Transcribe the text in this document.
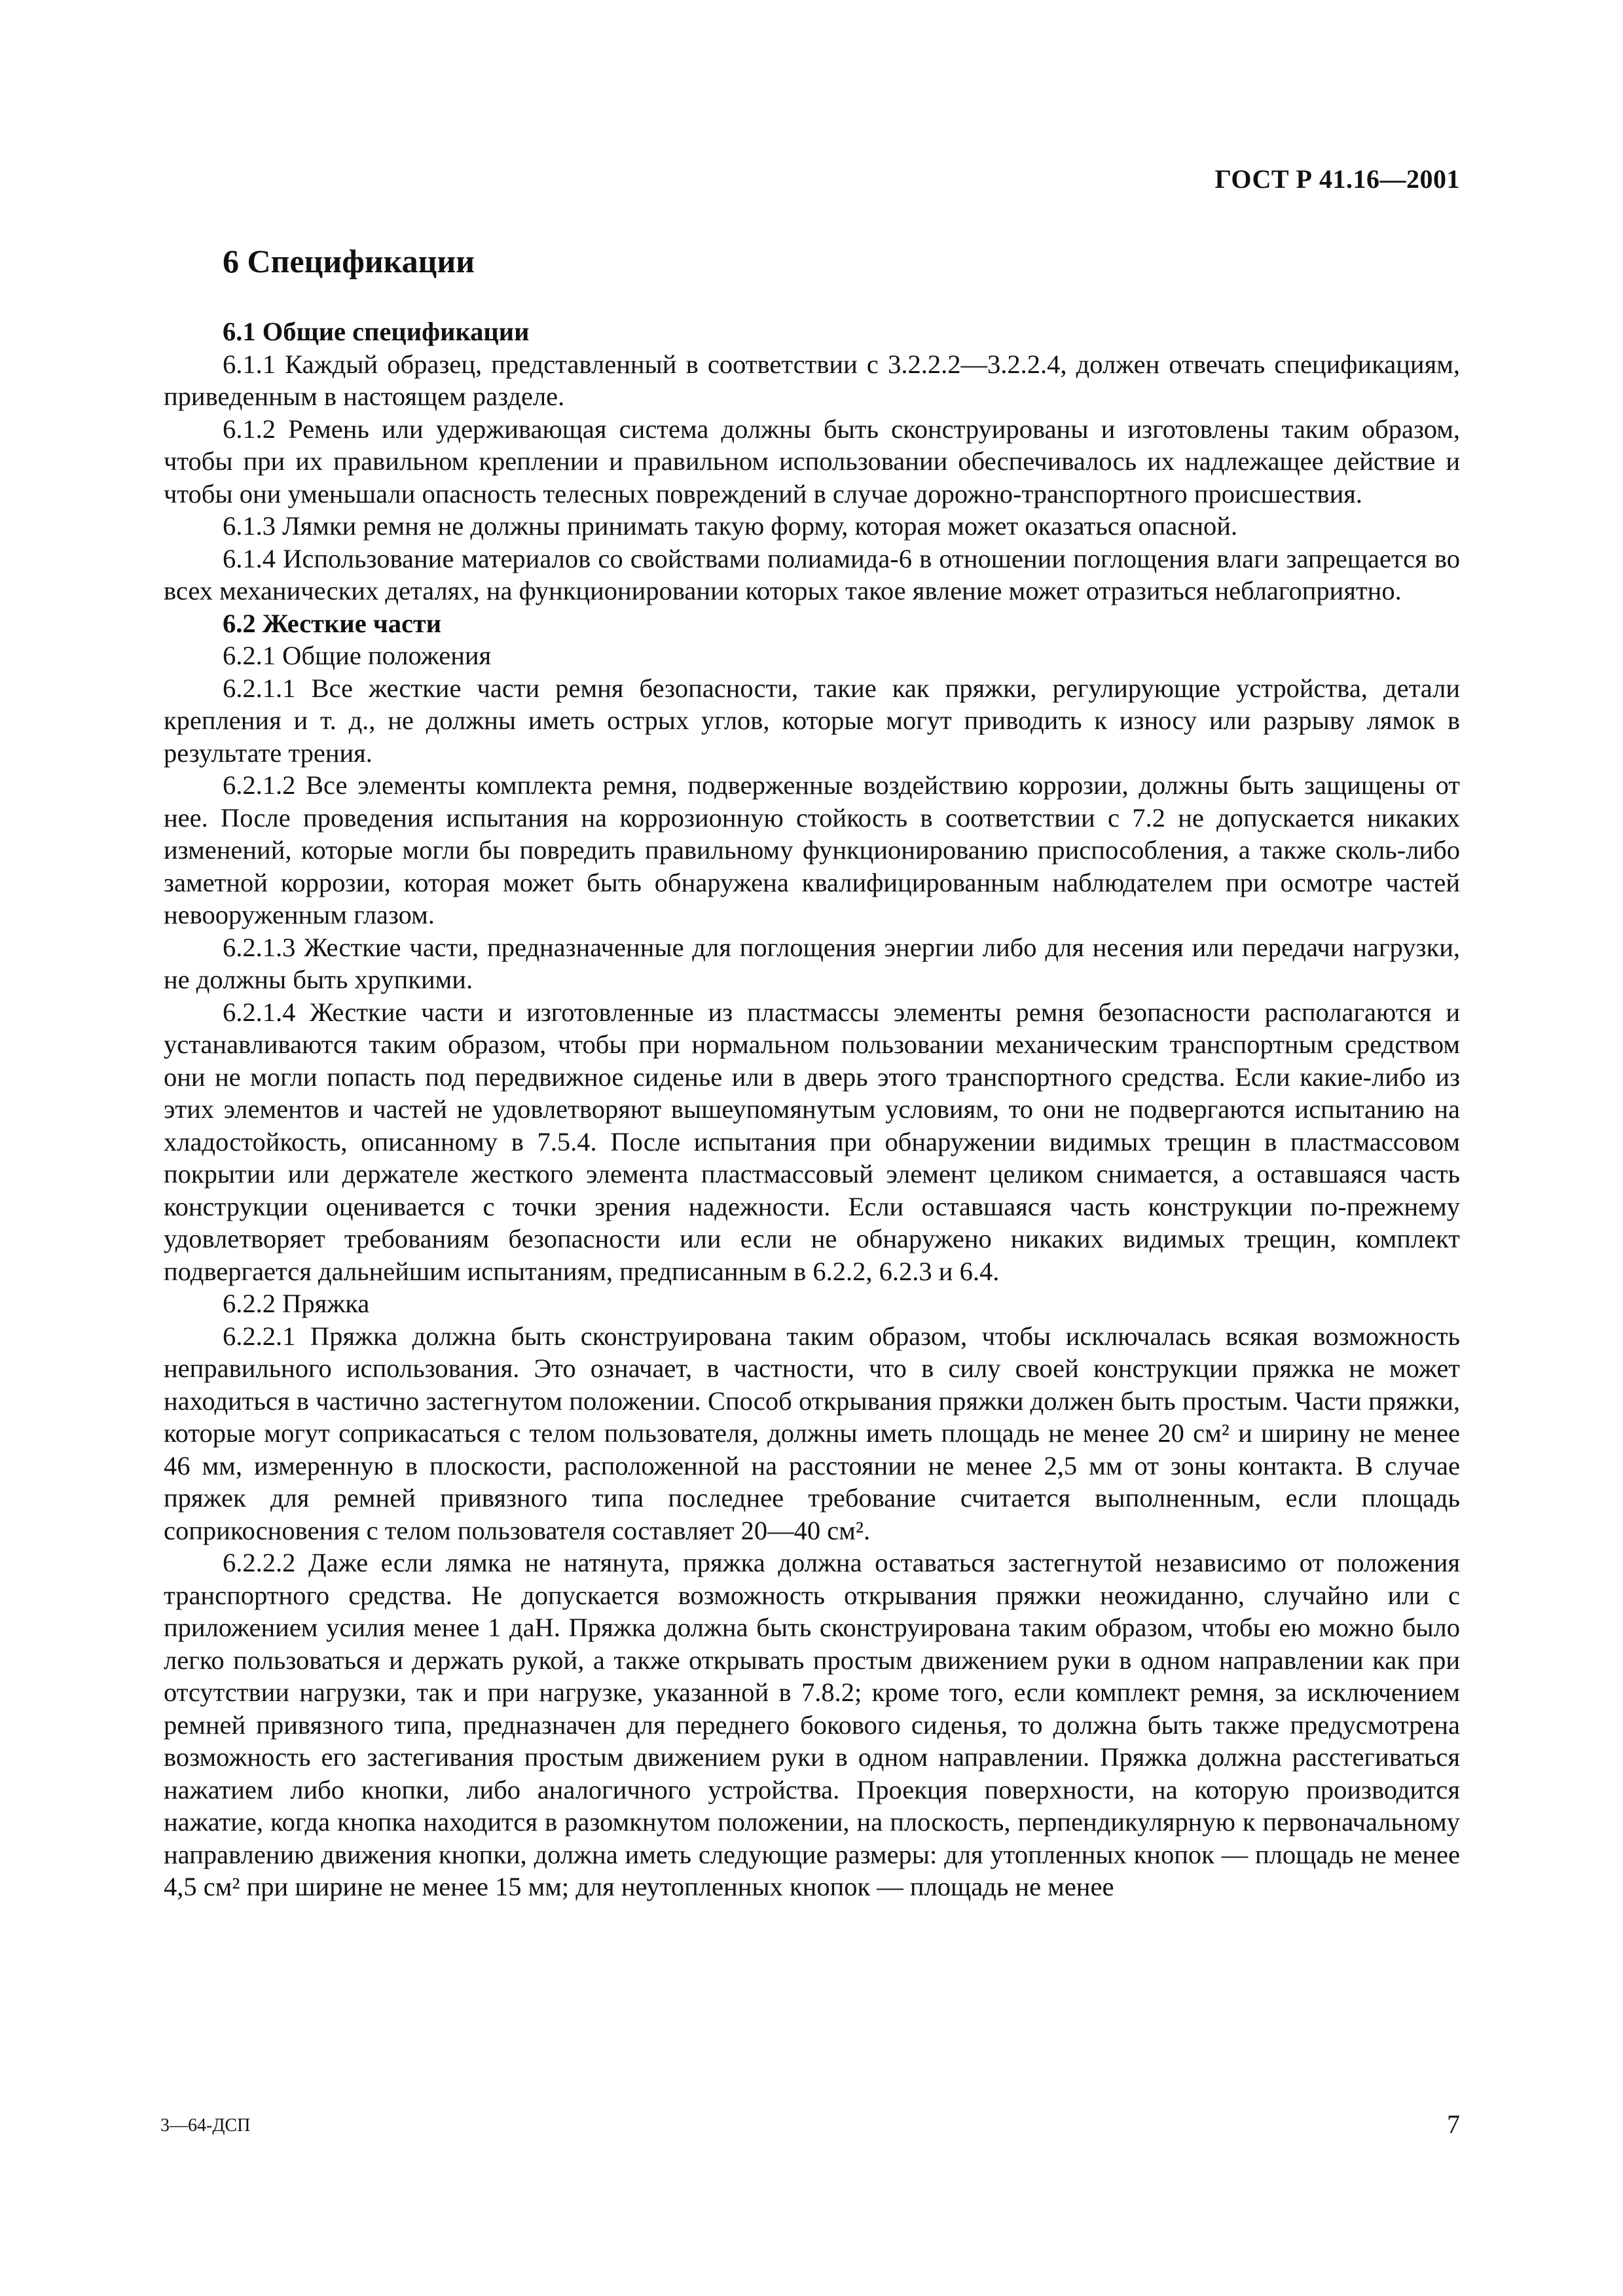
ГОСТ Р 41.16—2001
6 Спецификации

6.1 Общие спецификации

6.1.1 Каждый образец, представленный в соответствии с 3.2.2.2—3.2.2.4, должен отвечать спецификациям, приведенным в настоящем разделе.

6.1.2 Ремень или удерживающая система должны быть сконструированы и изготовлены таким образом, чтобы при их правильном креплении и правильном использовании обеспечивалось их надлежащее действие и чтобы они уменьшали опасность телесных повреждений в случае дорожно-транспортного происшествия.

6.1.3 Лямки ремня не должны принимать такую форму, которая может оказаться опасной.

6.1.4 Использование материалов со свойствами полиамида-6 в отношении поглощения влаги запрещается во всех механических деталях, на функционировании которых такое явление может отразиться неблагоприятно.

6.2 Жесткие части

6.2.1 Общие положения

6.2.1.1 Все жесткие части ремня безопасности, такие как пряжки, регулирующие устройства, детали крепления и т. д., не должны иметь острых углов, которые могут приводить к износу или разрыву лямок в результате трения.

6.2.1.2 Все элементы комплекта ремня, подверженные воздействию коррозии, должны быть защищены от нее. После проведения испытания на коррозионную стойкость в соответствии с 7.2 не допускается никаких изменений, которые могли бы повредить правильному функционированию приспособления, а также сколь-либо заметной коррозии, которая может быть обнаружена квалифицированным наблюдателем при осмотре частей невооруженным глазом.

6.2.1.3 Жесткие части, предназначенные для поглощения энергии либо для несения или передачи нагрузки, не должны быть хрупкими.

6.2.1.4 Жесткие части и изготовленные из пластмассы элементы ремня безопасности располагаются и устанавливаются таким образом, чтобы при нормальном пользовании механическим транспортным средством они не могли попасть под передвижное сиденье или в дверь этого транспортного средства. Если какие-либо из этих элементов и частей не удовлетворяют вышеупомянутым условиям, то они не подвергаются испытанию на хладостойкость, описанному в 7.5.4. После испытания при обнаружении видимых трещин в пластмассовом покрытии или держателе жесткого элемента пластмассовый элемент целиком снимается, а оставшаяся часть конструкции оценивается с точки зрения надежности. Если оставшаяся часть конструкции по-прежнему удовлетворяет требованиям безопасности или если не обнаружено никаких видимых трещин, комплект подвергается дальнейшим испытаниям, предписанным в 6.2.2, 6.2.3 и 6.4.

6.2.2 Пряжка

6.2.2.1 Пряжка должна быть сконструирована таким образом, чтобы исключалась всякая возможность неправильного использования. Это означает, в частности, что в силу своей конструкции пряжка не может находиться в частично застегнутом положении. Способ открывания пряжки должен быть простым. Части пряжки, которые могут соприкасаться с телом пользователя, должны иметь площадь не менее 20 см² и ширину не менее 46 мм, измеренную в плоскости, расположенной на расстоянии не менее 2,5 мм от зоны контакта. В случае пряжек для ремней привязного типа последнее требование считается выполненным, если площадь соприкосновения с телом пользователя составляет 20—40 см².

6.2.2.2 Даже если лямка не натянута, пряжка должна оставаться застегнутой независимо от положения транспортного средства. Не допускается возможность открывания пряжки неожиданно, случайно или с приложением усилия менее 1 даН. Пряжка должна быть сконструирована таким образом, чтобы ею можно было легко пользоваться и держать рукой, а также открывать простым движением руки в одном направлении как при отсутствии нагрузки, так и при нагрузке, указанной в 7.8.2; кроме того, если комплект ремня, за исключением ремней привязного типа, предназначен для переднего бокового сиденья, то должна быть также предусмотрена возможность его застегивания простым движением руки в одном направлении. Пряжка должна расстегиваться нажатием либо кнопки, либо аналогичного устройства. Проекция поверхности, на которую производится нажатие, когда кнопка находится в разомкнутом положении, на плоскость, перпендикулярную к первоначальному направлению движения кнопки, должна иметь следующие размеры: для утопленных кнопок — площадь не менее 4,5 см² при ширине не менее 15 мм; для неутопленных кнопок — площадь не менее

3—64-ДСП	7
